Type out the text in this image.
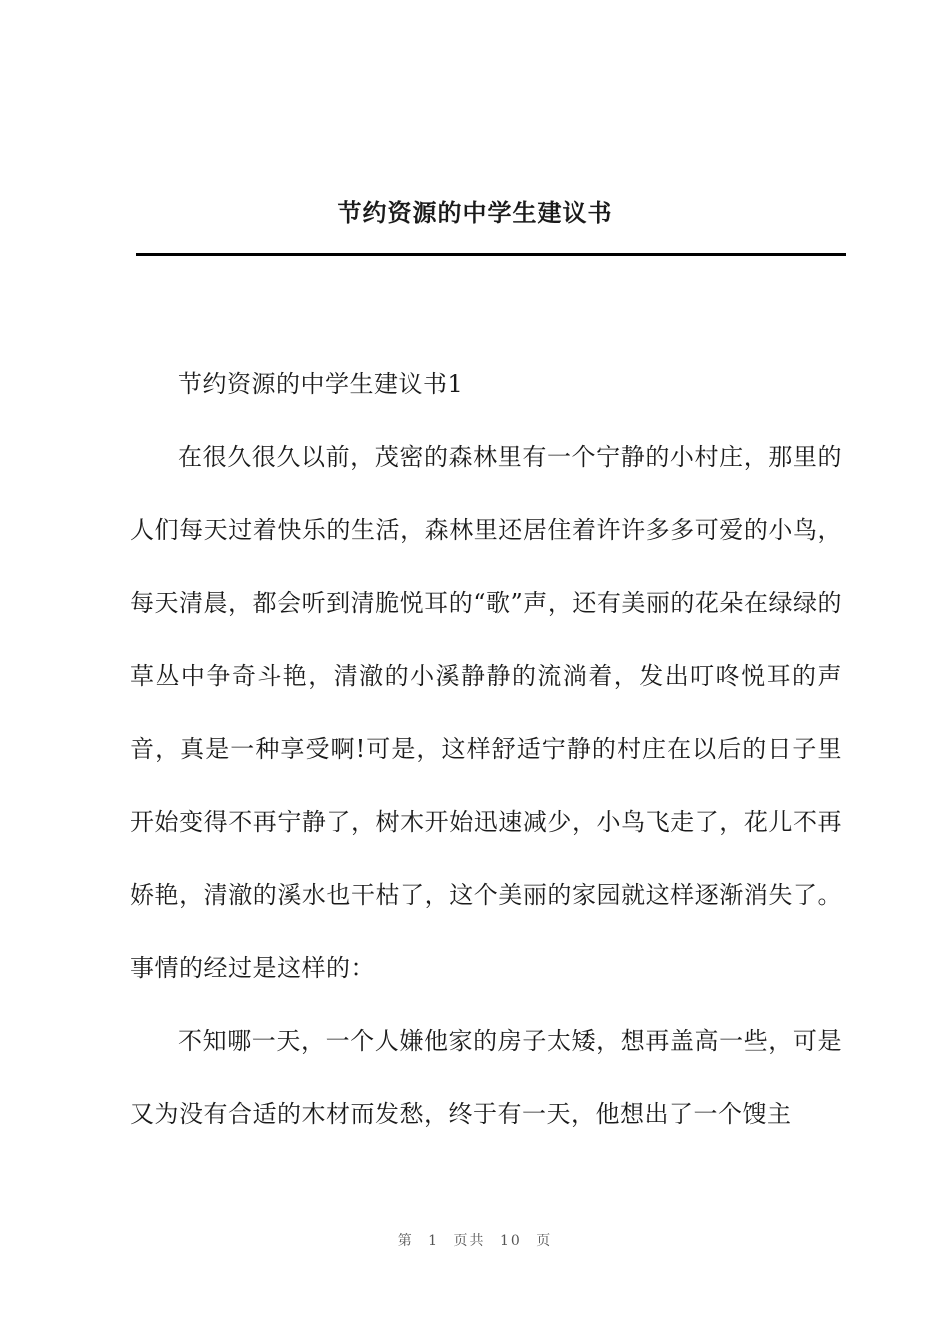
节约资源的中学生建议书

节约资源的中学生建议书1

在很久很久以前，茂密的森林里有一个宁静的小村庄，那里的人们每天过着快乐的生活，森林里还居住着许许多多可爱的小鸟，每天清晨，都会听到清脆悦耳的“歌”声，还有美丽的花朵在绿绿的草丛中争奇斗艳，清澈的小溪静静的流淌着，发出叮咚悦耳的声音，真是一种享受啊!可是，这样舒适宁静的村庄在以后的日子里开始变得不再宁静了，树木开始迅速减少，小鸟飞走了，花儿不再娇艳，清澈的溪水也干枯了，这个美丽的家园就这样逐渐消失了。事情的经过是这样的：

不知哪一天，一个人嫌他家的房子太矮，想再盖高一些，可是又为没有合适的木材而发愁，终于有一天，他想出了一个馊主

第 1 页共 10 页
